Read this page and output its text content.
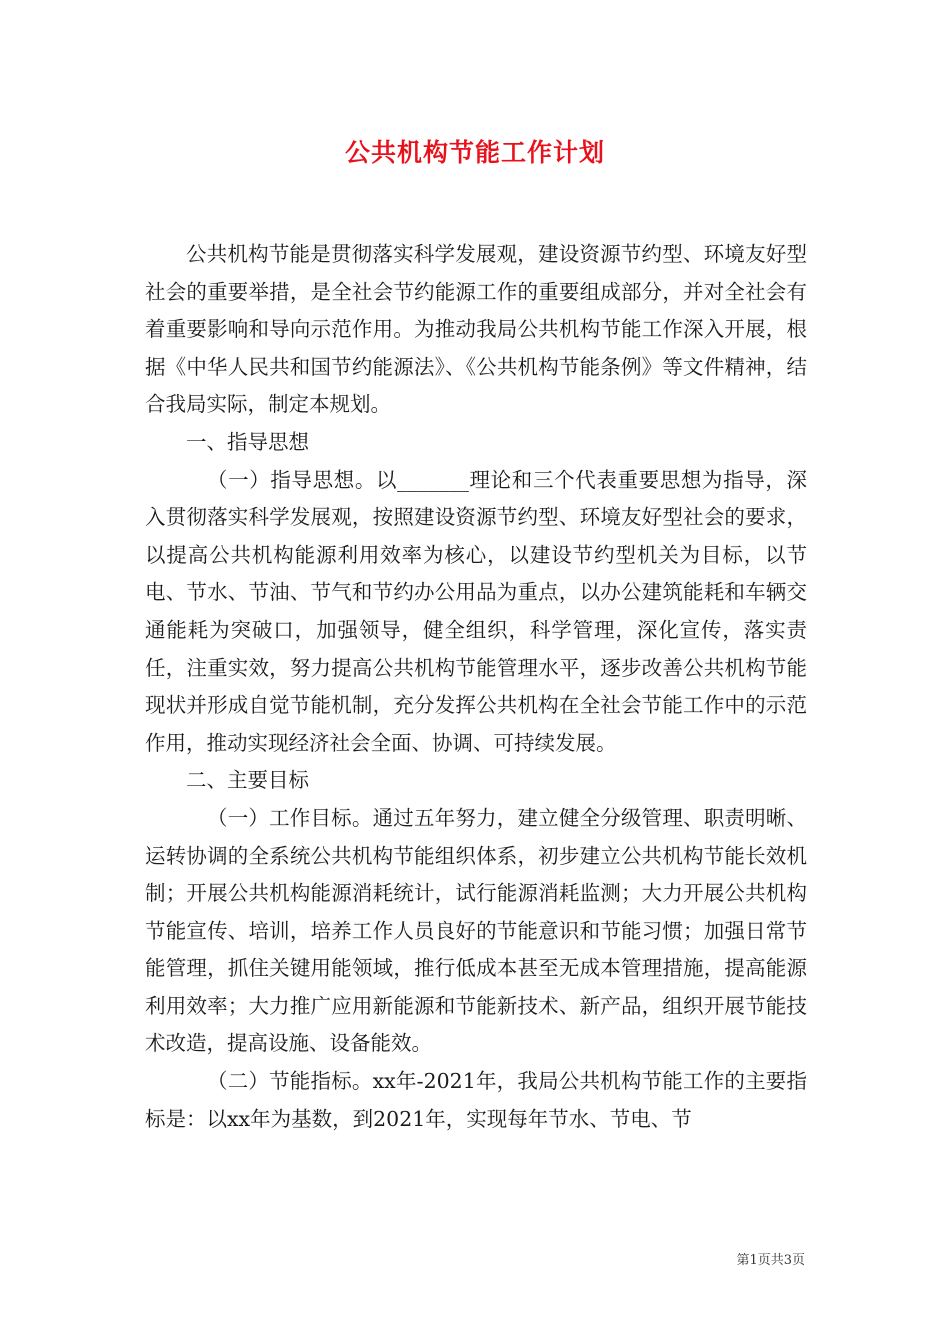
公共机构节能工作计划

公共机构节能是贯彻落实科学发展观，建设资源节约型、环境友好型社会的重要举措，是全社会节约能源工作的重要组成部分，并对全社会有着重要影响和导向示范作用。为推动我局公共机构节能工作深入开展，根据《中华人民共和国节约能源法》、《公共机构节能条例》等文件精神，结合我局实际，制定本规划。

一、指导思想

（一）指导思想。以_______理论和三个代表重要思想为指导，深入贯彻落实科学发展观，按照建设资源节约型、环境友好型社会的要求，以提高公共机构能源利用效率为核心，以建设节约型机关为目标，以节电、节水、节油、节气和节约办公用品为重点，以办公建筑能耗和车辆交通能耗为突破口，加强领导，健全组织，科学管理，深化宣传，落实责任，注重实效，努力提高公共机构节能管理水平，逐步改善公共机构节能现状并形成自觉节能机制，充分发挥公共机构在全社会节能工作中的示范作用，推动实现经济社会全面、协调、可持续发展。

二、主要目标

（一）工作目标。通过五年努力，建立健全分级管理、职责明晰、运转协调的全系统公共机构节能组织体系，初步建立公共机构节能长效机制；开展公共机构能源消耗统计，试行能源消耗监测；大力开展公共机构节能宣传、培训，培养工作人员良好的节能意识和节能习惯；加强日常节能管理，抓住关键用能领域，推行低成本甚至无成本管理措施，提高能源利用效率；大力推广应用新能源和节能新技术、新产品，组织开展节能技术改造，提高设施、设备能效。

（二）节能指标。xx年-2021年，我局公共机构节能工作的主要指标是：以xx年为基数，到2021年，实现每年节水、节电、节

第1页共3页
